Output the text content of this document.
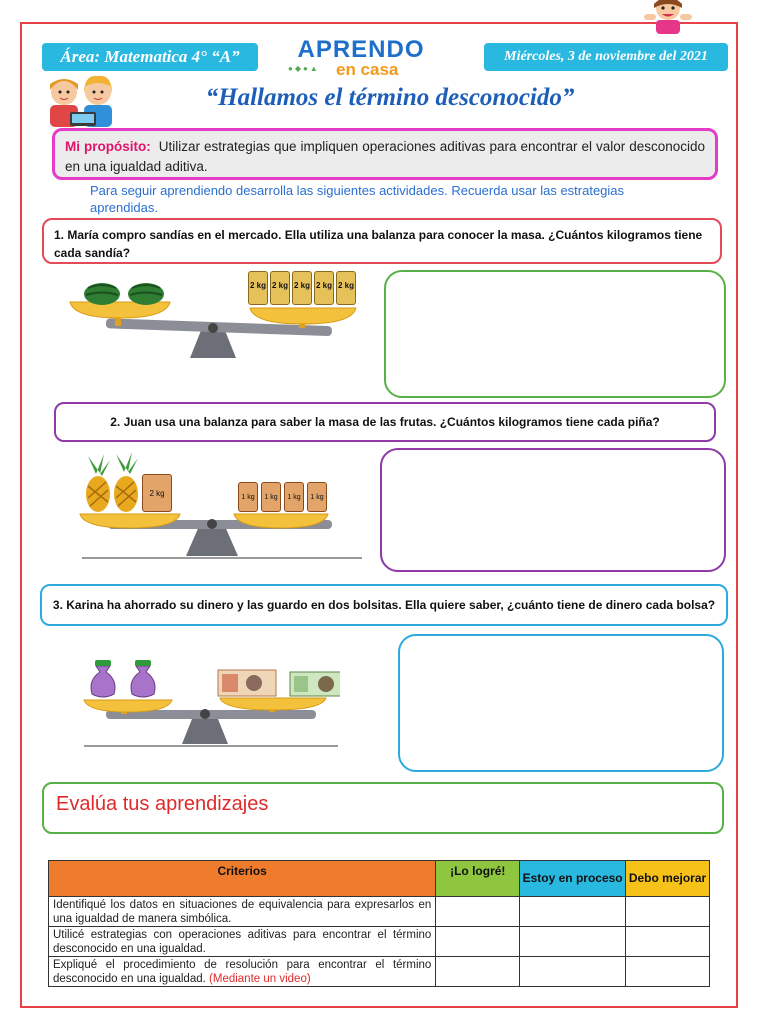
Área: Matematica 4° “A”	APRENDO
en casa
●◆●▲
Miércoles, 3 de noviembre del 2021
“Hallamos el término desconocido”
Mi propósito: Utilizar estrategias que impliquen operaciones aditivas para encontrar el valor desconocido en una igualdad aditiva.
Para seguir aprendiendo desarrolla las siguientes actividades. Recuerda usar las estrategias aprendidas.
1. María compro sandías en el mercado. Ella utiliza una balanza para conocer la masa. ¿Cuántos kilogramos tiene cada sandía?
2 kg 2 kg 2 kg 2 kg 2 kg
2. Juan usa una balanza para saber la masa de las frutas. ¿Cuántos kilogramos tiene cada piña?
2 kg	1 kg	1 kg	1 kg	1 kg
3. Karina ha ahorrado su dinero y las guardo en dos bolsitas. Ella quiere saber, ¿cuánto tiene de dinero cada bolsa?
Evalúa tus aprendizajes
Criterios	¡Lo logré!	Estoy en proceso	Debo mejorar
Identifiqué los datos en situaciones de equivalencia para expresarlos en una igualdad de manera simbólica.			
Utilicé estrategias con operaciones aditivas para encontrar el término desconocido en una igualdad.			
Expliqué el procedimiento de resolución para encontrar el término desconocido en una igualdad. (Mediante un video)			
